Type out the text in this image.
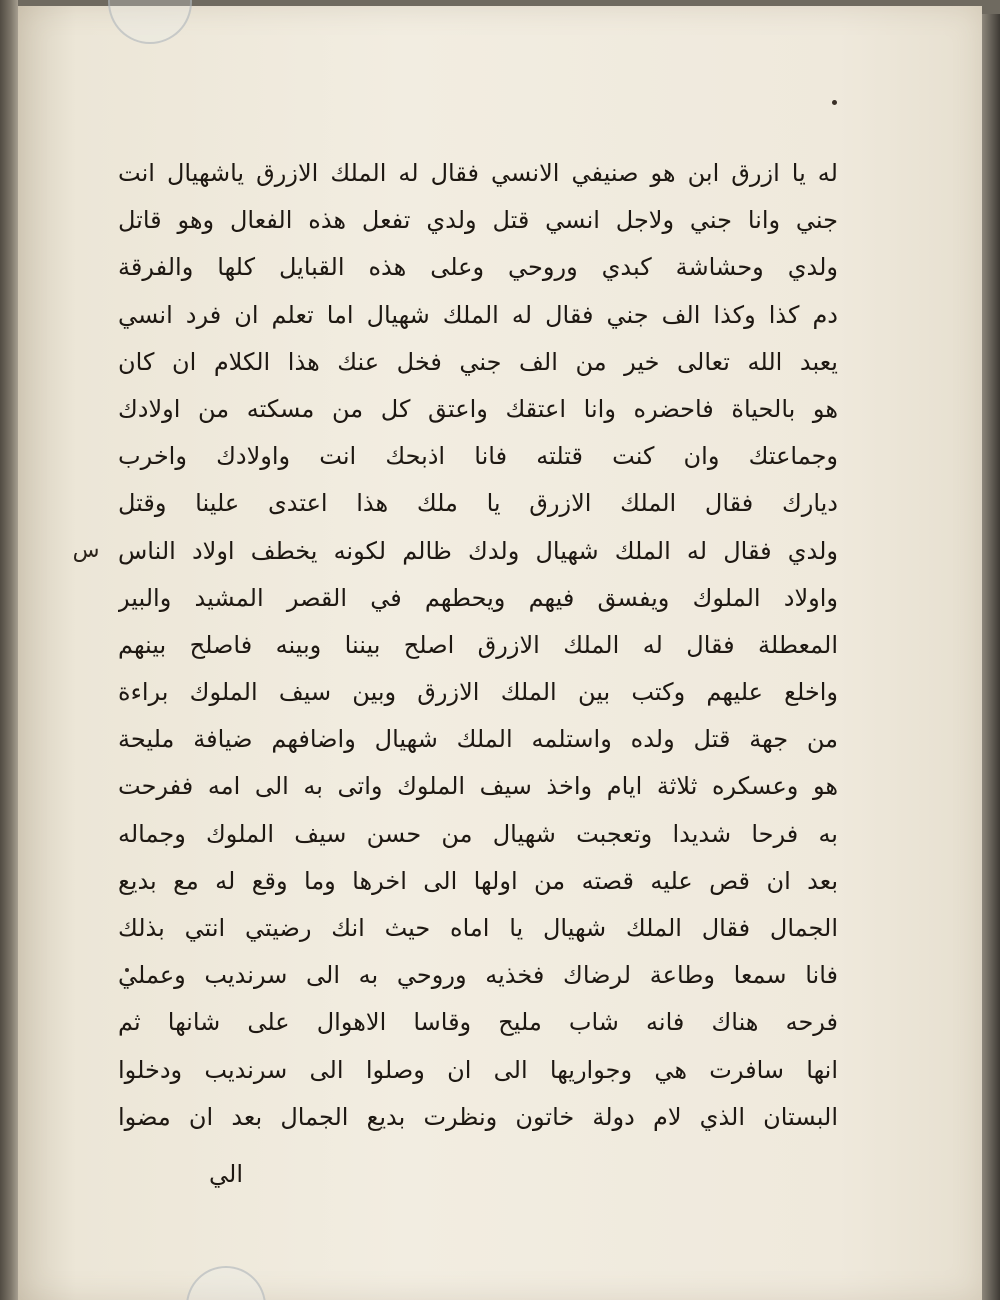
له يا ازرق ابن هو صنيفي الانسي فقال له الملك الازرق ياشهيال انت
جني وانا جني ولاجل انسي قتل ولدي تفعل هذه الفعال وهو قاتل
ولدي وحشاشة كبدي وروحي وعلى هذه القبايل كلها والفرقة
دم كذا وكذا الف جني فقال له الملك شهيال اما تعلم ان فرد انسي
يعبد الله تعالى خير من الف جني فخل عنك هذا الكلام ان كان
هو بالحياة فاحضره وانا اعتقك واعتق كل من مسكته من اولادك
وجماعتك وان كنت قتلته فانا اذبحك انت واولادك واخرب
ديارك فقال الملك الازرق يا ملك هذا اعتدى علينا وقتل
ولدي فقال له الملك شهيال ولدك ظالم لكونه يخطف اولاد الناس
واولاد الملوك ويفسق فيهم ويحطهم في القصر المشيد والبير
المعطلة فقال له الملك الازرق اصلح بيننا وبينه فاصلح بينهم
واخلع عليهم وكتب بين الملك الازرق وبين سيف الملوك براءة
من جهة قتل ولده واستلمه الملك شهيال واضافهم ضيافة مليحة
هو وعسكره ثلاثة ايام واخذ سيف الملوك واتى به الى امه ففرحت
به فرحا شديدا وتعجبت شهيال من حسن سيف الملوك وجماله
بعد ان قص عليه قصته من اولها الى اخرها وما وقع له مع بديع
الجمال فقال الملك شهيال يا اماه حيث انك رضيتي انتي بذلك
فانا سمعا وطاعة لرضاك فخذيه وروحي به الى سرنديب وعملي
فرحه هناك فانه شاب مليح وقاسا الاهوال على شانها ثم
انها سافرت هي وجواريها الى ان وصلوا الى سرنديب ودخلوا
البستان الذي لام دولة خاتون ونظرت بديع الجمال بعد ان مضوا
س
الي
